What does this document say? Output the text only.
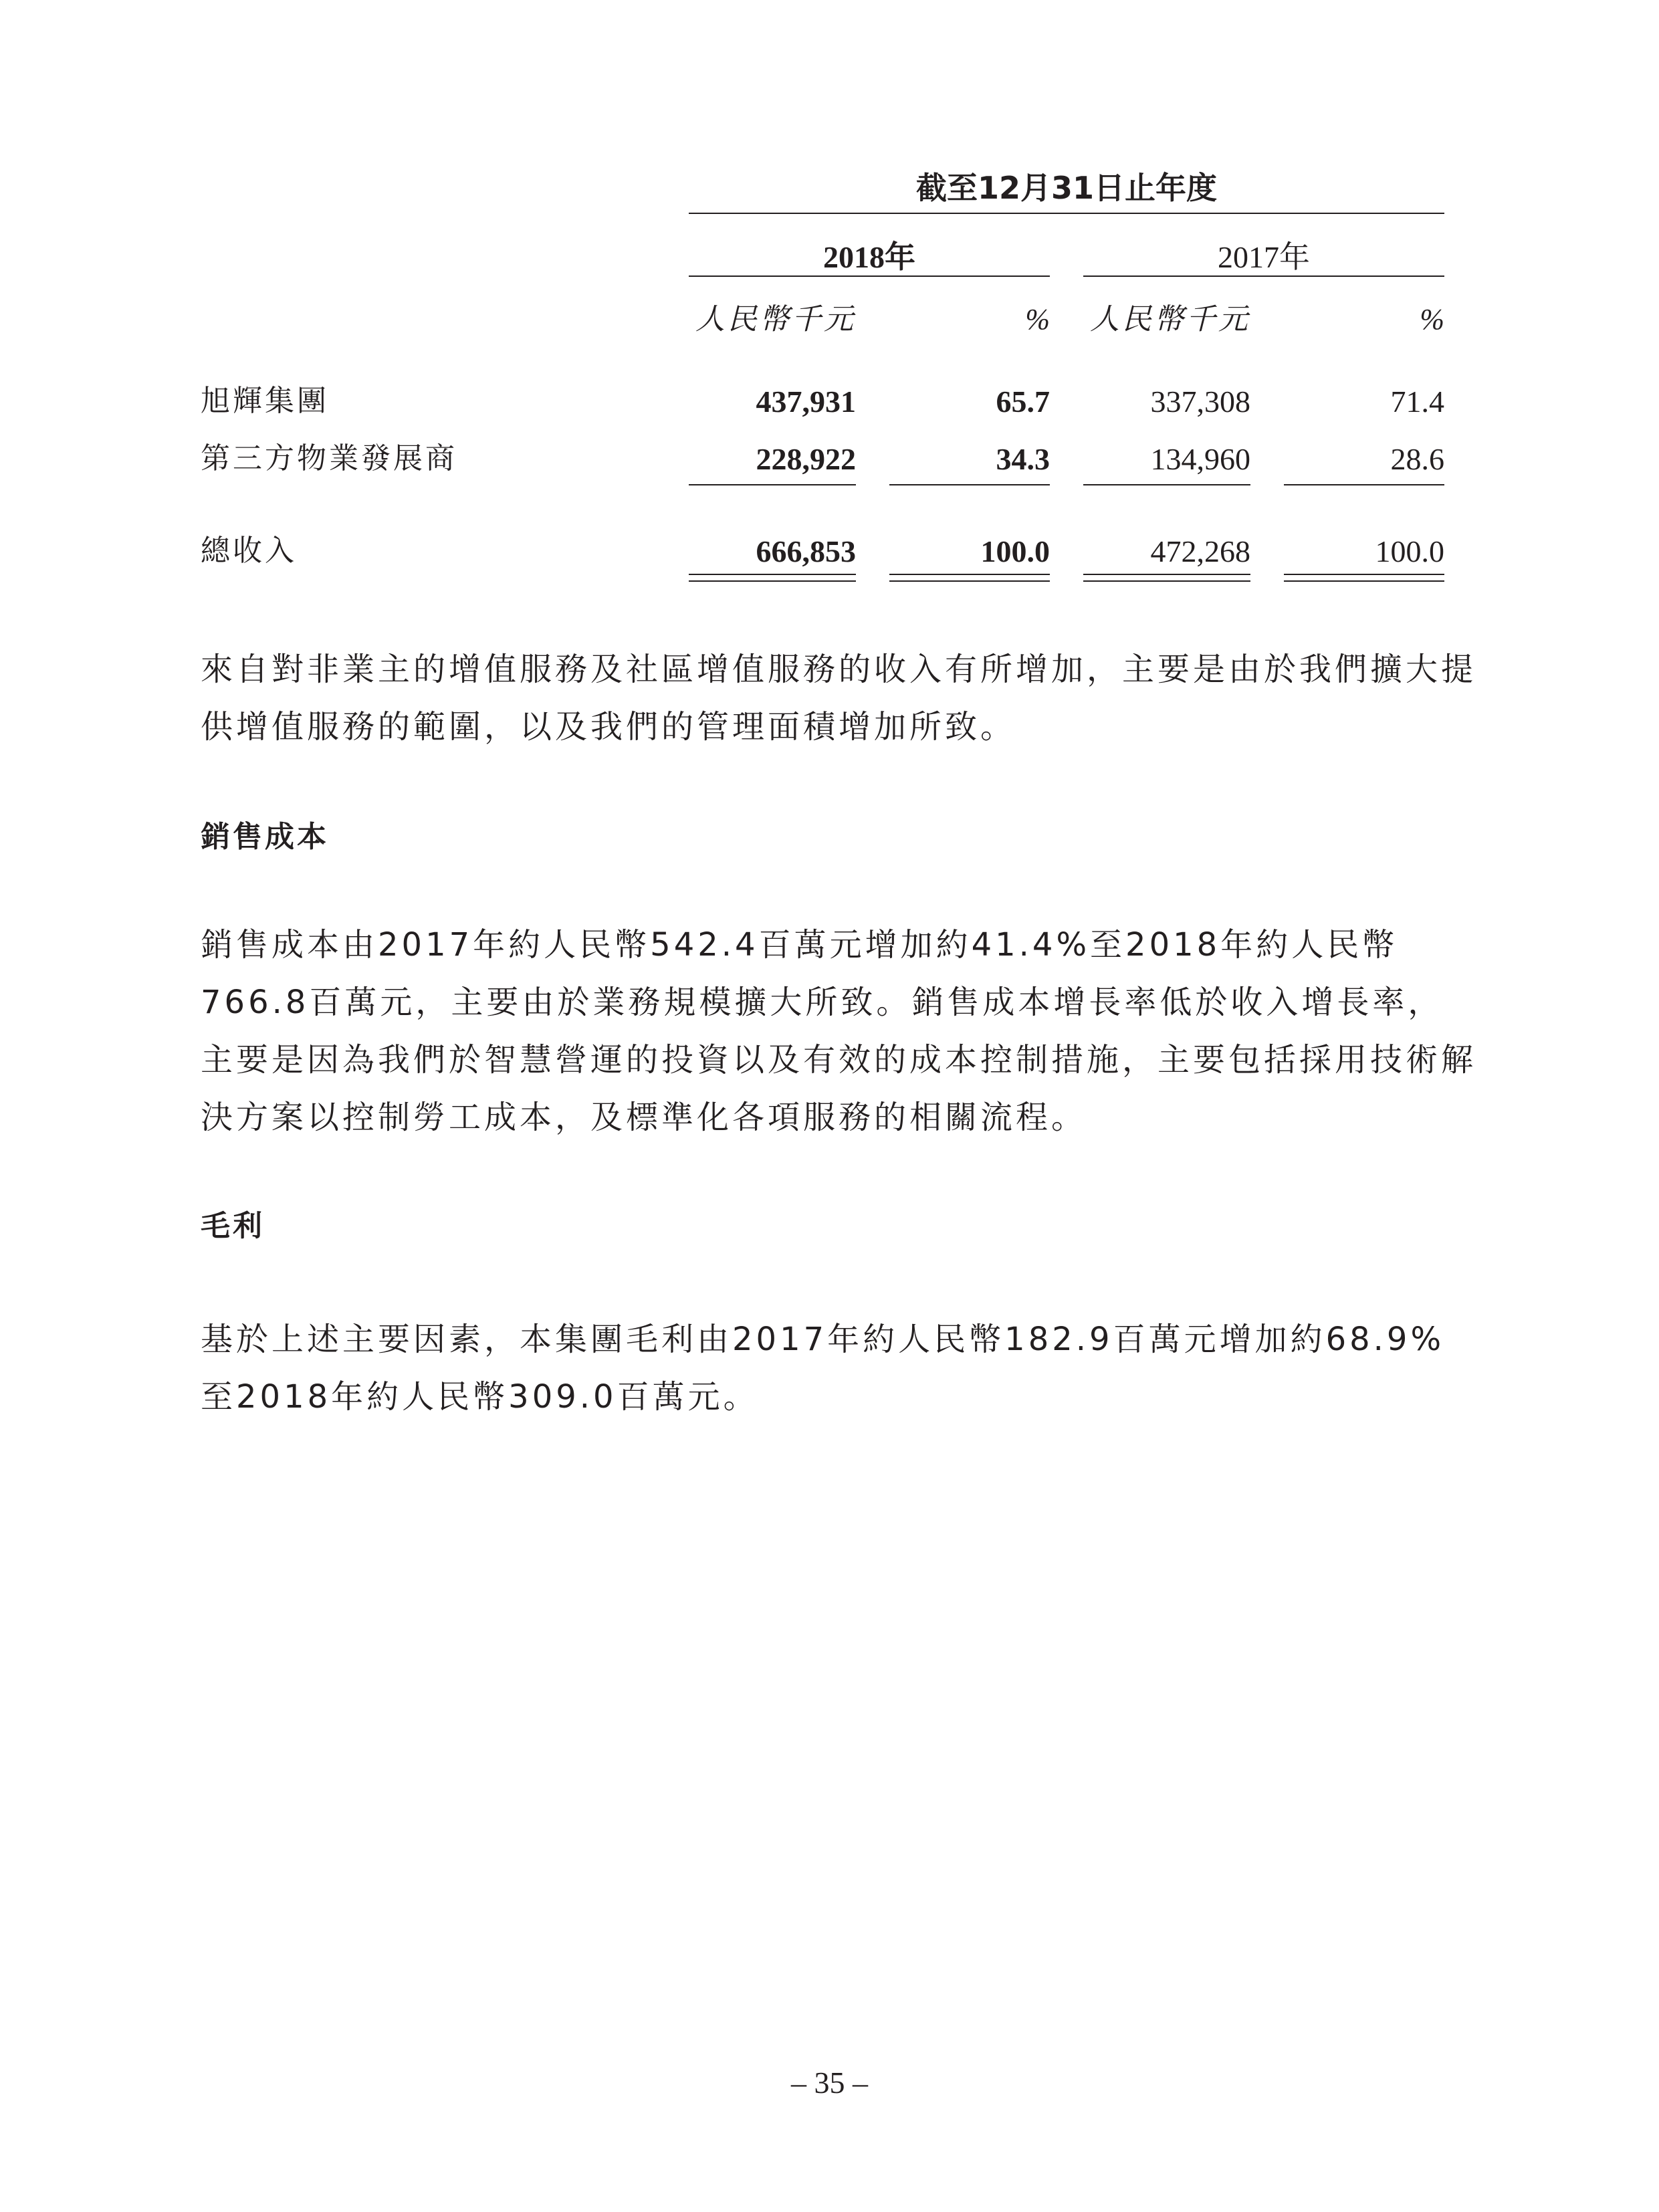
截至12月31日止年度
2018年	2017年
人民幣千元	%	人民幣千元	%
旭輝集團	437,931	65.7	337,308	71.4
第三方物業發展商	228,922	34.3	134,960	28.6
總收入	666,853	100.0	472,268	100.0

來自對非業主的增值服務及社區增值服務的收入有所增加，主要是由於我們擴大提供增值服務的範圍，以及我們的管理面積增加所致。

銷售成本

銷售成本由2017年約人民幣542.4百萬元增加約41.4%至2018年約人民幣766.8百萬元，主要由於業務規模擴大所致。銷售成本增長率低於收入增長率，主要是因為我們於智慧營運的投資以及有效的成本控制措施，主要包括採用技術解決方案以控制勞工成本，及標準化各項服務的相關流程。

毛利

基於上述主要因素，本集團毛利由2017年約人民幣182.9百萬元增加約68.9%至2018年約人民幣309.0百萬元。

– 35 –
